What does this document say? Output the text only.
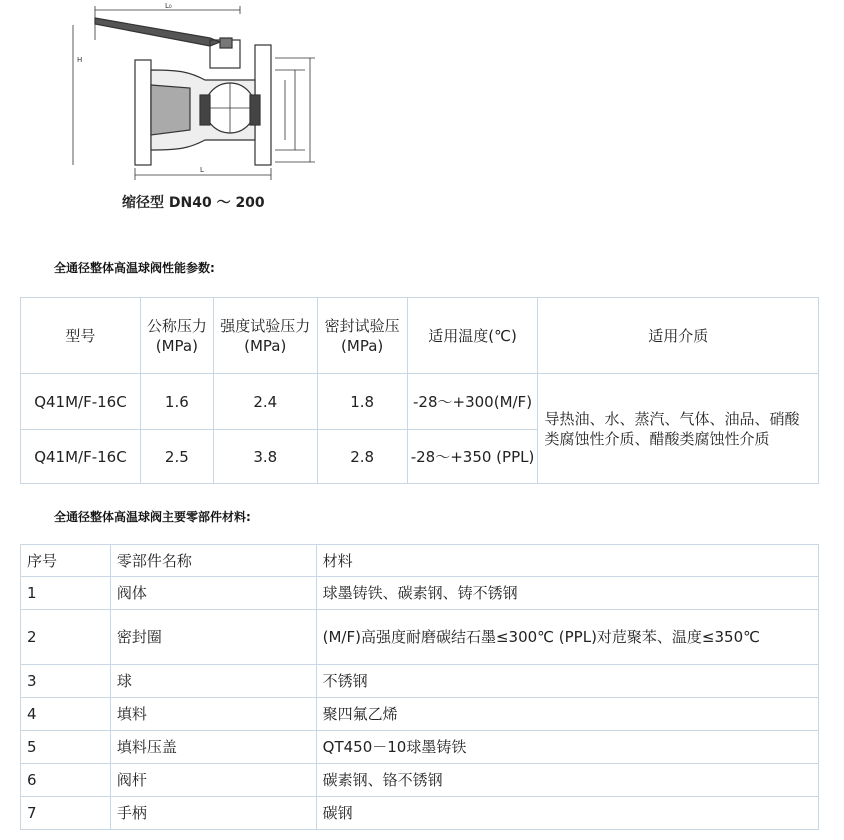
L₀
H
L
缩径型 DN40 ～ 200
全通径整体高温球阀性能参数:
型号	公称压力(MPa)	强度试验压力(MPa)	密封试验压(MPa)	适用温度(℃)	适用介质
Q41M/F-16C	1.6	2.4	1.8	-28～+300(M/F)	导热油、水、蒸汽、气体、油品、硝酸类腐蚀性介质、醋酸类腐蚀性介质
Q41M/F-16C	2.5	3.8	2.8	-28～+350 (PPL)	
全通径整体高温球阀主要零部件材料:
序号	零部件名称	材料
1	阀体	球墨铸铁、碳素钢、铸不锈钢
2	密封圈	(M/F)高强度耐磨碳结石墨≤300℃ (PPL)对苊聚苯、温度≤350℃
3	球	不锈钢
4	填料	聚四氟乙烯
5	填料压盖	QT450－10球墨铸铁
6	阀杆	碳素钢、铬不锈钢
7	手柄	碳钢
